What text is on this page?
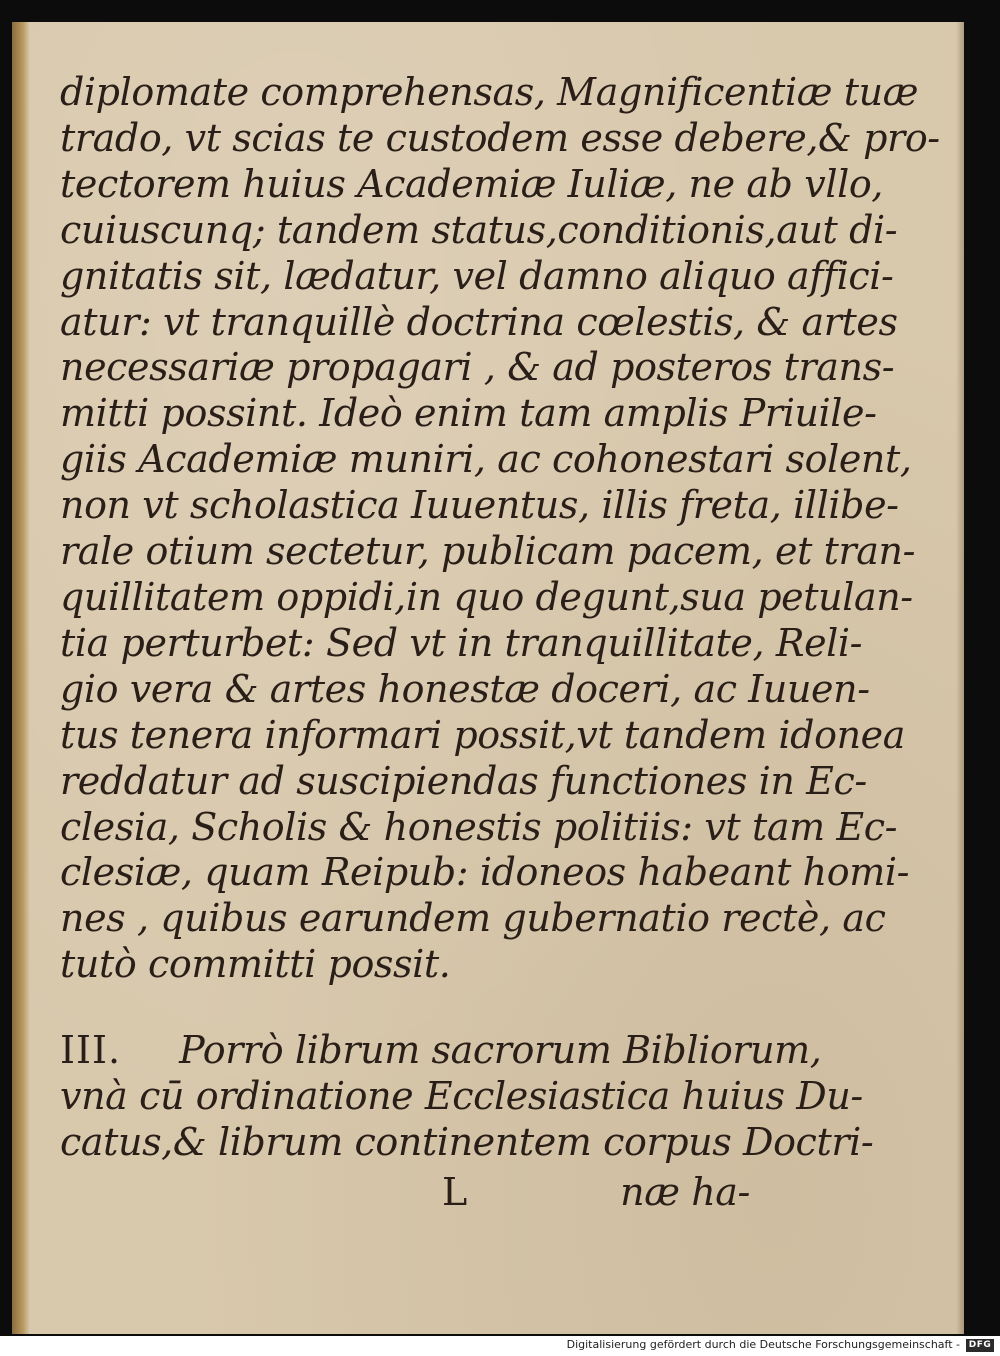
diplomate comprehensas, Magnificentiæ tuæ
trado, vt scias te custodem esse debere,& pro-
tectorem huius Academiæ Iuliæ, ne ab vllo,
cuiuscunq; tandem status,conditionis,aut di-
gnitatis sit, lædatur, vel damno aliquo affici-
atur: vt tranquillè doctrina cœlestis, & artes
necessariæ propagari , & ad posteros trans-
mitti possint. Ideò enim tam amplis Priuile-
giis Academiæ muniri, ac cohonestari solent,
non vt scholastica Iuuentus, illis freta, illibe-
rale otium sectetur, publicam pacem, et tran-
quillitatem oppidi,in quo degunt,sua petulan-
tia perturbet: Sed vt in tranquillitate, Reli-
gio vera & artes honestæ doceri, ac Iuuen-
tus tenera informari possit,vt tandem idonea
reddatur ad suscipiendas functiones in Ec-
clesia, Scholis & honestis politiis: vt tam Ec-
clesiæ, quam Reipub: idoneos habeant homi-
nes , quibus earundem gubernatio rectè, ac
tutò committi possit.
III. Porrò librum sacrorum Bibliorum,
vnà cū ordinatione Ecclesiastica huius Du-
catus,& librum continentem corpus Doctri-
L	næ ha-
Digitalisierung gefördert durch die Deutsche Forschungsgemeinschaft - DFG
